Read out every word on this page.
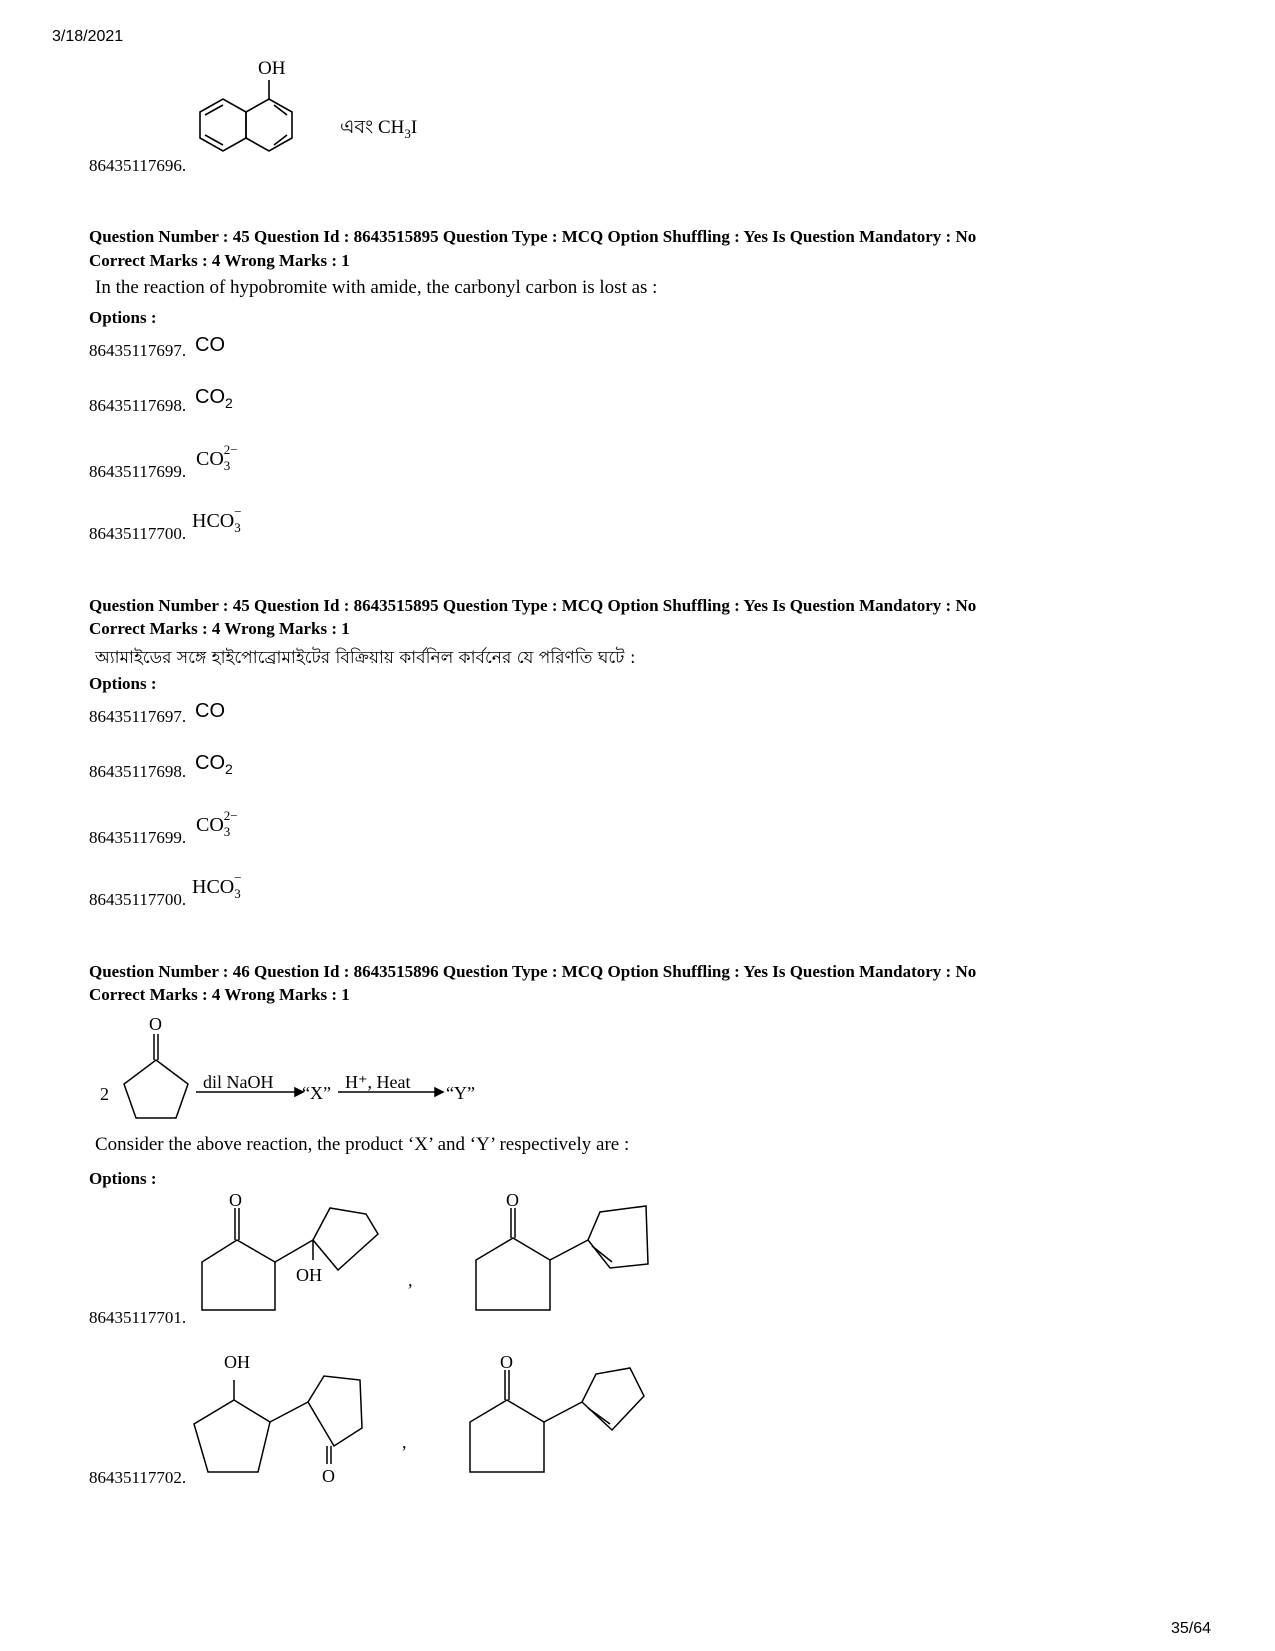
3/18/2021
35/64
OH
এবং $CH_3I$
86435117696.
Question Number : 45 Question Id : 8643515895 Question Type : MCQ Option Shuffling : Yes Is Question Mandatory : No
Correct Marks : 4 Wrong Marks : 1
In the reaction of hypobromite with amide, the carbonyl carbon is lost as :
Options :
86435117697. CO
86435117698. $CO_2$
86435117699.
CO 2−
3
86435117700.
HCO −
3
Question Number : 45 Question Id : 8643515895 Question Type : MCQ Option Shuffling : Yes Is Question Mandatory : No
Correct Marks : 4 Wrong Marks : 1
অ্যামাইডের সঙ্গে হাইপোব্রোমাইটের বিক্রিয়ায় কার্বনিল কার্বনের যে পরিণতি ঘটে :
Options :
86435117697. CO
86435117698. $CO_2$
86435117699.
CO 2−
3
86435117700.
HCO −
3
Question Number : 46 Question Id : 8643515896 Question Type : MCQ Option Shuffling : Yes Is Question Mandatory : No
Correct Marks : 4 Wrong Marks : 1
2
O
dil NaOH
“X”
H⁺, Heat
“Y”
Consider the above reaction, the product ‘X’ and ‘Y’ respectively are :
Options :
O
OH	,
O
86435117701.
OH
O
,
O
86435117702.
